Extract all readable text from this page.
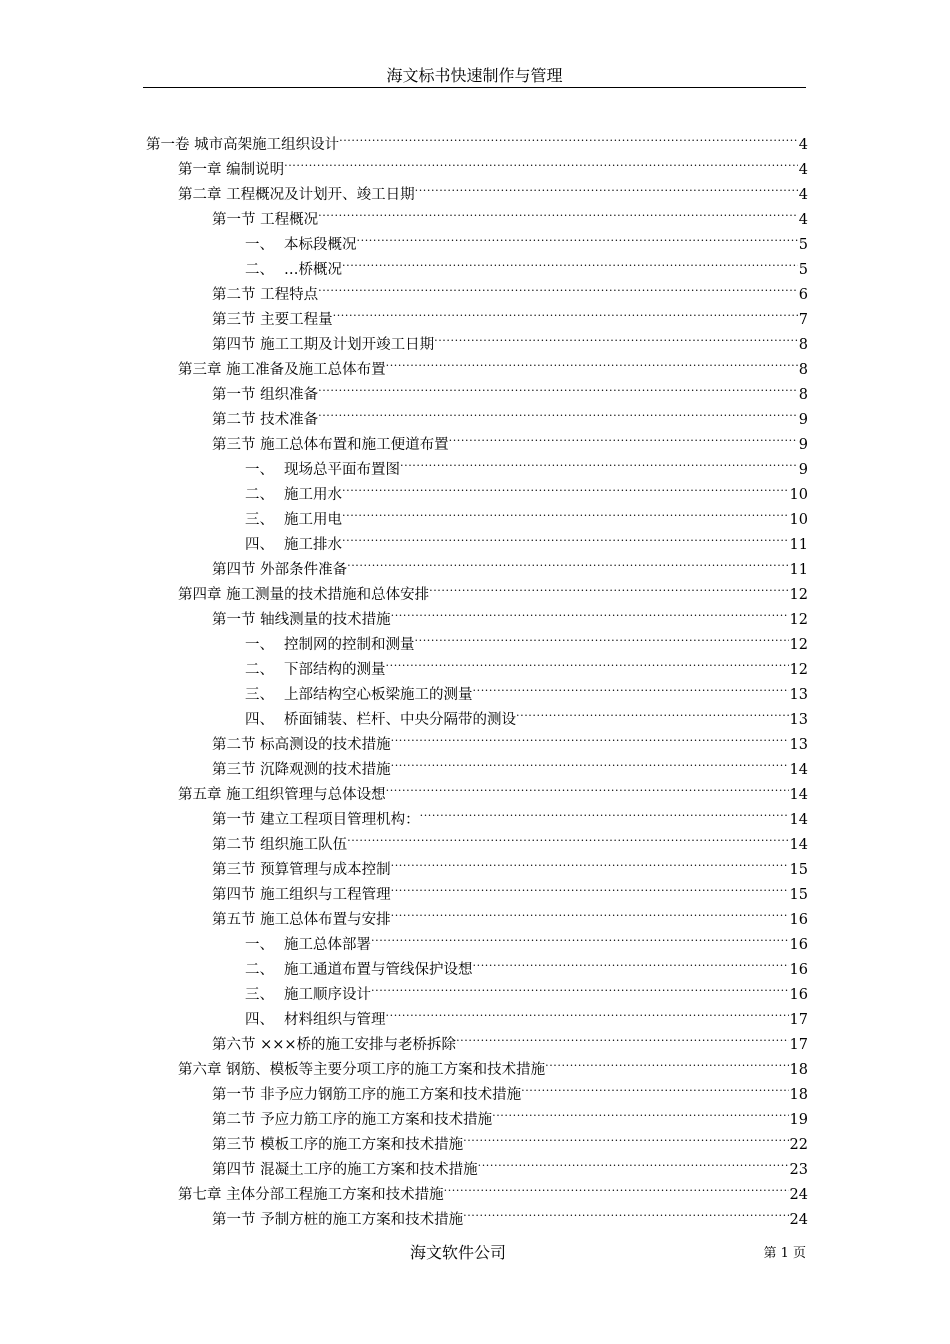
海文标书快速制作与管理
第一卷 城市高架施工组织设计 .....	4
第一章 编制说明 .....	4
第二章 工程概况及计划开、竣工日期 .....	4
第一节 工程概况 .....	4
一、 本标段概况 .....	5
二、 …桥概况 .....	5
第二节 工程特点 .....	6
第三节 主要工程量 .....	7
第四节 施工工期及计划开竣工日期 .....	8
第三章 施工准备及施工总体布置 .....	8
第一节 组织准备 .....	8
第二节 技术准备 .....	9
第三节 施工总体布置和施工便道布置 .....	9
一、 现场总平面布置图 .....	9
二、 施工用水 .....	10
三、 施工用电 .....	10
四、 施工排水 .....	11
第四节 外部条件准备 .....	11
第四章 施工测量的技术措施和总体安排 .....	12
第一节 轴线测量的技术措施 .....	12
一、 控制网的控制和测量 .....	12
二、 下部结构的测量 .....	12
三、 上部结构空心板梁施工的测量 .....	13
四、 桥面铺装、栏杆、中央分隔带的测设 .....	13
第二节 标高测设的技术措施 .....	13
第三节 沉降观测的技术措施 .....	14
第五章 施工组织管理与总体设想 .....	14
第一节 建立工程项目管理机构： .....	14
第二节 组织施工队伍 .....	14
第三节 预算管理与成本控制 .....	15
第四节 施工组织与工程管理 .....	15
第五节 施工总体布置与安排 .....	16
一、 施工总体部署 .....	16
二、 施工通道布置与管线保护设想 .....	16
三、 施工顺序设计 .....	16
四、 材料组织与管理 .....	17
第六节 ×××桥的施工安排与老桥拆除 .....	17
第六章 钢筋、模板等主要分项工序的施工方案和技术措施 .....	18
第一节 非予应力钢筋工序的施工方案和技术措施 .....	18
第二节 予应力筋工序的施工方案和技术措施 .....	19
第三节 模板工序的施工方案和技术措施 .....	22
第四节 混凝土工序的施工方案和技术措施 .....	23
第七章 主体分部工程施工方案和技术措施 .....	24
第一节 予制方桩的施工方案和技术措施 .....	24
海文软件公司	第 1 页
